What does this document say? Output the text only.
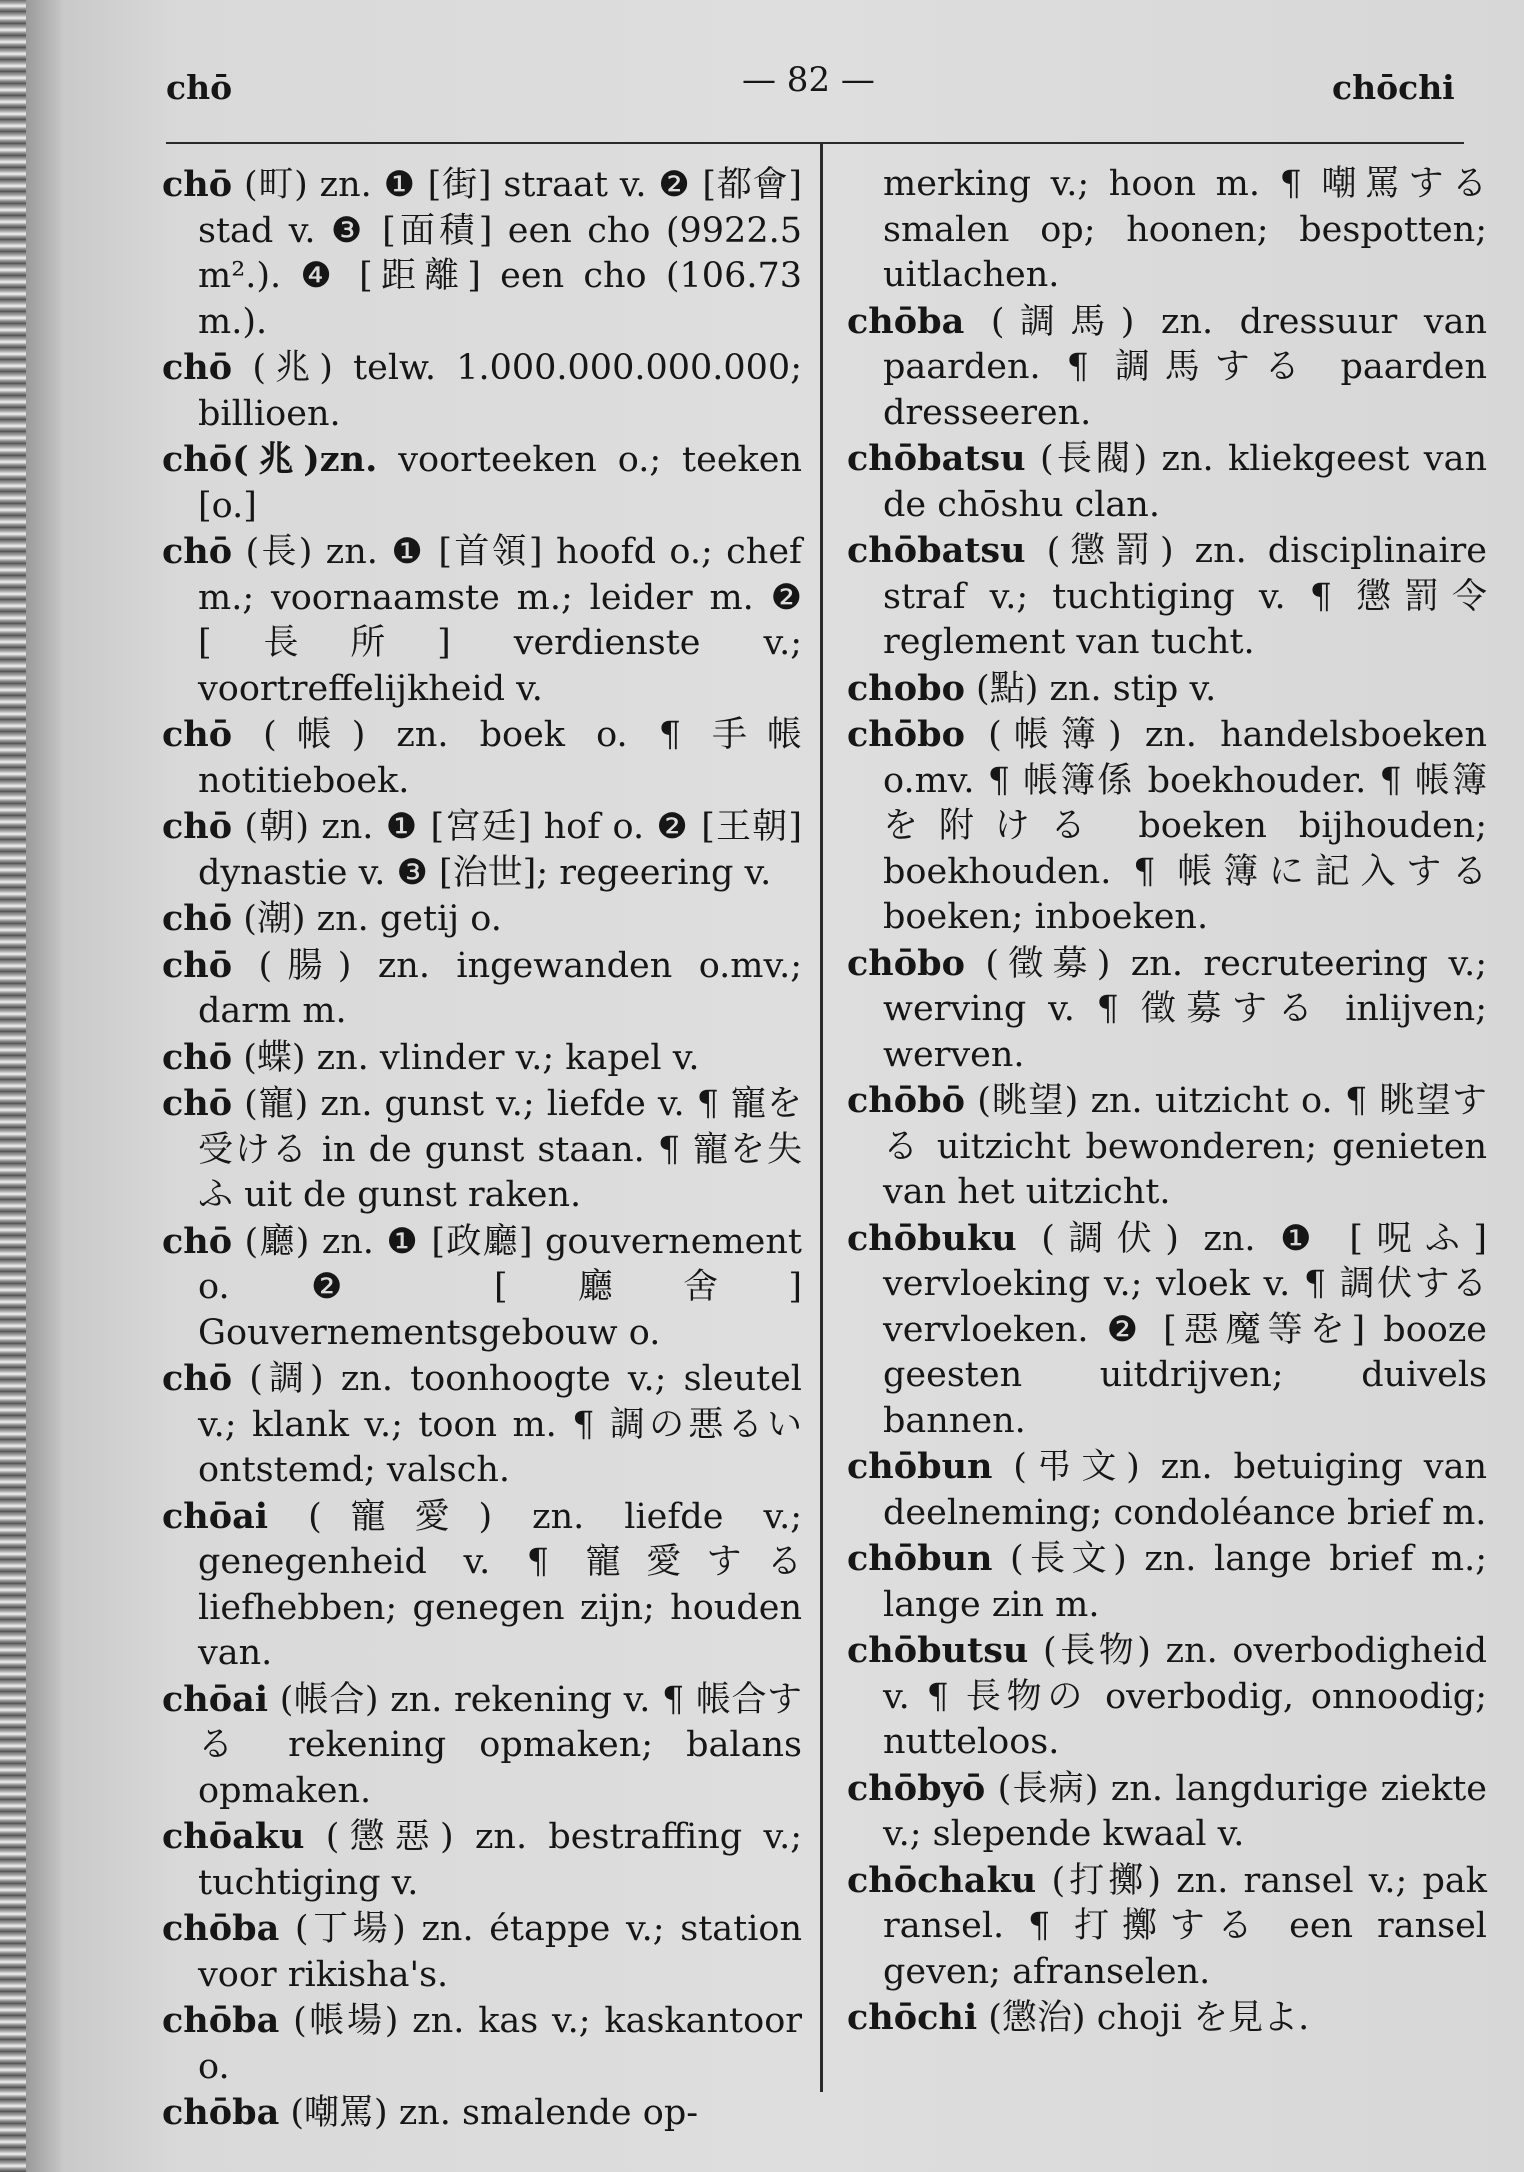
chō	— 82 —	chōchi

chō (町) zn. ❶ [街] straat v. ❷ [都會] stad v. ❸ [面積] een cho (9922.5 m².). ❹ [距離] een cho (106.73 m.).

chō (兆) telw. 1.000.000.000.000; billioen.

chō(兆)zn. voorteeken o.; teeken [o.]

chō (長) zn. ❶ [首領] hoofd o.; chef m.; voornaamste m.; leider m. ❷ [長所] verdienste v.; voortreffelijkheid v.

chō (帳) zn. boek o. ¶ 手帳 notitieboek.

chō (朝) zn. ❶ [宮廷] hof o. ❷ [王朝] dynastie v. ❸ [治世]; regeering v.

chō (潮) zn. getij o.

chō (腸) zn. ingewanden o.mv.; darm m.

chō (蝶) zn. vlinder v.; kapel v.

chō (寵) zn. gunst v.; liefde v. ¶ 寵を受ける in de gunst staan. ¶ 寵を失ふ uit de gunst raken.

chō (廳) zn. ❶ [政廳] gouvernement o. ❷ [廳舍] Gouvernementsgebouw o.

chō (調) zn. toonhoogte v.; sleutel v.; klank v.; toon m. ¶ 調の悪るい ontstemd; valsch.

chōai (寵愛) zn. liefde v.; genegenheid v. ¶ 寵愛する liefhebben; genegen zijn; houden van.

chōai (帳合) zn. rekening v. ¶ 帳合する rekening opmaken; balans opmaken.

chōaku (懲惡) zn. bestraffing v.; tuchtiging v.

chōba (丁場) zn. étappe v.; station voor rikisha's.

chōba (帳場) zn. kas v.; kaskantoor o.

chōba (嘲罵) zn. smalende op-

merking v.; hoon m. ¶ 嘲罵する smalen op; hoonen; bespotten; uitlachen.

chōba (調馬) zn. dressuur van paarden. ¶ 調馬する paarden dresseeren.

chōbatsu (長閥) zn. kliekgeest van de chōshu clan.

chōbatsu (懲罰) zn. disciplinaire straf v.; tuchtiging v. ¶ 懲罰令 reglement van tucht.

chobo (點) zn. stip v.

chōbo (帳簿) zn. handelsboeken o.mv. ¶ 帳簿係 boekhouder. ¶ 帳簿を附ける boeken bijhouden; boekhouden. ¶ 帳簿に記入する boeken; inboeken.

chōbo (徵募) zn. recruteering v.; werving v. ¶ 徵募する inlijven; werven.

chōbō (眺望) zn. uitzicht o. ¶ 眺望する uitzicht bewonderen; genieten van het uitzicht.

chōbuku (調伏) zn. ❶ [呪ふ] vervloeking v.; vloek v. ¶ 調伏する vervloeken. ❷ [惡魔等を] booze geesten uitdrijven; duivels bannen.

chōbun (弔文) zn. betuiging van deelneming; condoléance brief m.

chōbun (長文) zn. lange brief m.; lange zin m.

chōbutsu (長物) zn. overbodigheid v. ¶ 長物の overbodig, onnoodig; nutteloos.

chōbyō (長病) zn. langdurige ziekte v.; slepende kwaal v.

chōchaku (打擲) zn. ransel v.; pak ransel. ¶ 打擲する een ransel geven; afranselen.

chōchi (懲治) choji を見よ.
